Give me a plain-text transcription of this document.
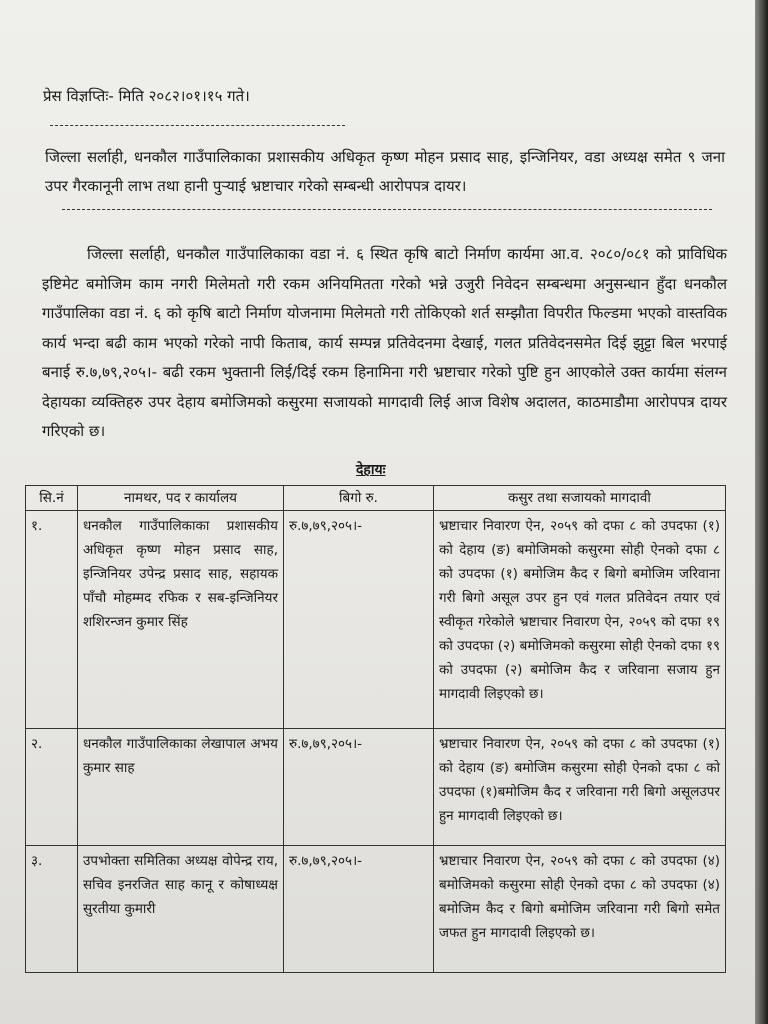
प्रेस विज्ञप्तिः- मिति २०८२।०१।१५ गते।

जिल्ला सर्लाही, धनकौल गाउँपालिकाका प्रशासकीय अधिकृत कृष्ण मोहन प्रसाद साह, इन्जिनियर, वडा अध्यक्ष समेत ९ जना उपर गैरकानूनी लाभ तथा हानी पुऱ्याई भ्रष्टाचार गरेको सम्बन्धी आरोपपत्र दायर।

जिल्ला सर्लाही, धनकौल गाउँपालिकाका वडा नं. ६ स्थित कृषि बाटो निर्माण कार्यमा आ.व. २०८०/०८१ को प्राविधिक इष्टिमेट बमोजिम काम नगरी मिलेमतो गरी रकम अनियमितता गरेको भन्ने उजुरी निवेदन सम्बन्धमा अनुसन्धान हुँदा धनकौल गाउँपालिका वडा नं. ६ को कृषि बाटो निर्माण योजनामा मिलेमतो गरी तोकिएको शर्त सम्झौता विपरीत फिल्डमा भएको वास्तविक कार्य भन्दा बढी काम भएको गरेको नापी किताब, कार्य सम्पन्न प्रतिवेदनमा देखाई, गलत प्रतिवेदनसमेत दिई झुट्टा बिल भरपाई बनाई रु.७,७९,२०५।- बढी रकम भुक्तानी लिई/दिई रकम हिनामिना गरी भ्रष्टाचार गरेको पुष्टि हुन आएकोले उक्त कार्यमा संलग्न देहायका व्यक्तिहरु उपर देहाय बमोजिमको कसुरमा सजायको मागदावी लिई आज विशेष अदालत, काठमाडौमा आरोपपत्र दायर गरिएको छ।

देहायः
सि.नं	नामथर, पद र कार्यालय	बिगो रु.	कसुर तथा सजायको मागदावी
१.	धनकौल गाउँपालिकाका प्रशासकीय अधिकृत कृष्ण मोहन प्रसाद साह, इन्जिनियर उपेन्द्र प्रसाद साह, सहायक पाँचौ मोहम्मद रफिक र सब-इन्जिनियर शशिरन्जन कुमार सिंह	रु.७,७९,२०५।-	भ्रष्टाचार निवारण ऐन, २०५९ को दफा ८ को उपदफा (१) को देहाय (ङ) बमोजिमको कसुरमा सोही ऐनको दफा ८ को उपदफा (१) बमोजिम कैद र बिगो बमोजिम जरिवाना गरी बिगो असूल उपर हुन एवं गलत प्रतिवेदन तयार एवं स्वीकृत गरेकोले भ्रष्टाचार निवारण ऐन, २०५९ को दफा १९ को उपदफा (२) बमोजिमको कसुरमा सोही ऐनको दफा १९ को उपदफा (२) बमोजिम कैद र जरिवाना सजाय हुन मागदावी लिइएको छ।
२.	धनकौल गाउँपालिकाका लेखापाल अभय कुमार साह	रु.७,७९,२०५।-	भ्रष्टाचार निवारण ऐन, २०५९ को दफा ८ को उपदफा (१) को देहाय (ङ) बमोजिम कसुरमा सोही ऐनको दफा ८ को उपदफा (१)बमोजिम कैद र जरिवाना गरी बिगो असूलउपर हुन मागदावी लिइएको छ।
३.	उपभोक्ता समितिका अध्यक्ष वोपेन्द्र राय, सचिव इनरजित साह कानू र कोषाध्यक्ष सुरतीया कुमारी	रु.७,७९,२०५।-	भ्रष्टाचार निवारण ऐन, २०५९ को दफा ८ को उपदफा (४) बमोजिमको कसुरमा सोही ऐनको दफा ८ को उपदफा (४) बमोजिम कैद र बिगो बमोजिम जरिवाना गरी बिगो समेत जफत हुन मागदावी लिइएको छ।
